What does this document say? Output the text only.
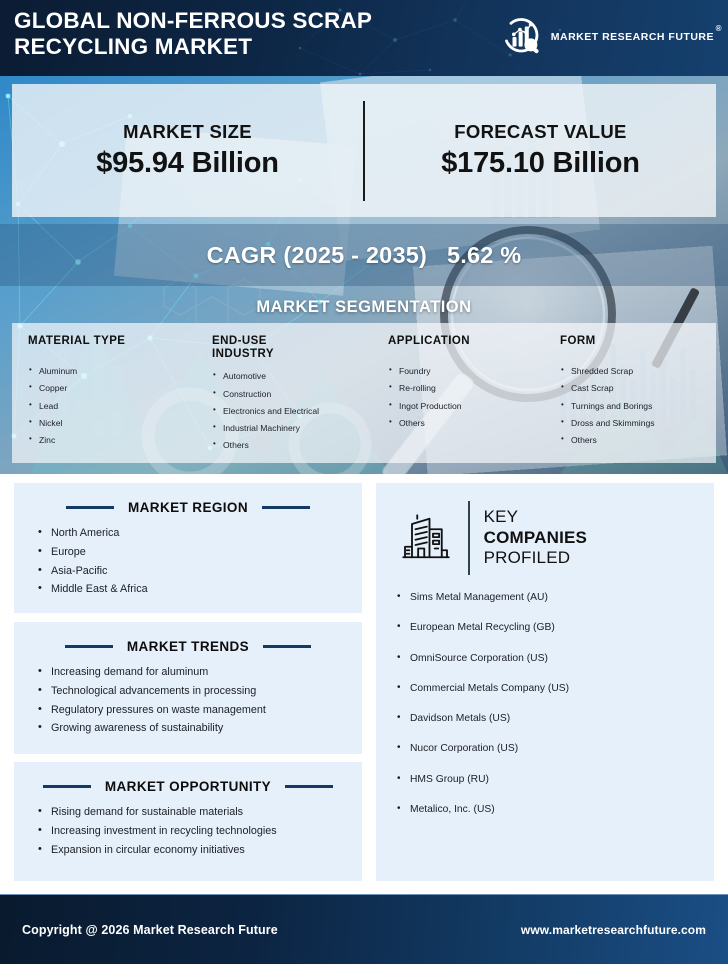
GLOBAL NON-FERROUS SCRAP RECYCLING MARKET	MARKET RESEARCH FUTURE
®
MARKET SIZE
$95.94 Billion
FORECAST VALUE
$175.10 Billion
CAGR (2025 - 2035) 5.62 %
MARKET SEGMENTATION
MATERIAL TYPE
• Aluminum
• Copper
• Lead
• Nickel
• Zinc
END-USE
INDUSTRY
• Automotive
• Construction
• Electronics and Electrical
• Industrial Machinery
• Others
APPLICATION
• Foundry
• Re-rolling
• Ingot Production
• Others
FORM
• Shredded Scrap
• Cast Scrap
• Turnings and Borings
• Dross and Skimmings
• Others
MARKET REGION
• North America
• Europe
• Asia-Pacific
• Middle East & Africa
MARKET TRENDS
• Increasing demand for aluminum
• Technological advancements in processing
• Regulatory pressures on waste management
• Growing awareness of sustainability
MARKET OPPORTUNITY
• Rising demand for sustainable materials
• Increasing investment in recycling technologies
• Expansion in circular economy initiatives
KEY
COMPANIES
PROFILED
• Sims Metal Management (AU)
• European Metal Recycling (GB)
• OmniSource Corporation (US)
• Commercial Metals Company (US)
• Davidson Metals (US)
• Nucor Corporation (US)
• HMS Group (RU)
• Metalico, Inc. (US)
Copyright @ 2026 Market Research Future	www.marketresearchfuture.com
